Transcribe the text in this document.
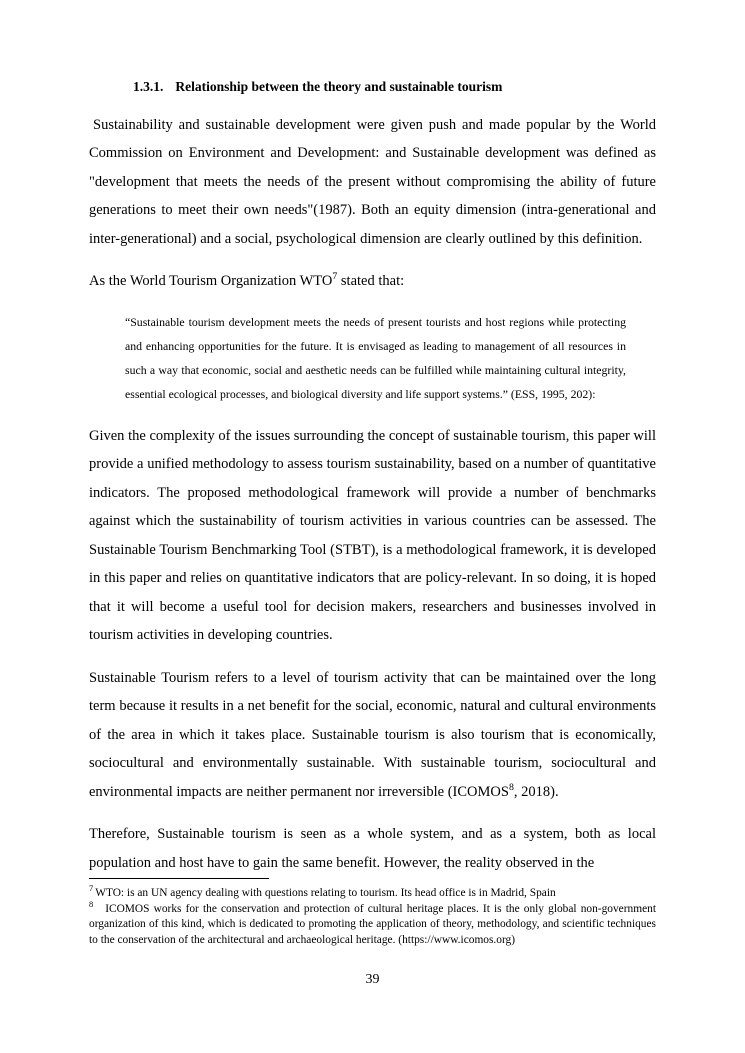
1.3.1. Relationship between the theory and sustainable tourism

Sustainability and sustainable development were given push and made popular by the World Commission on Environment and Development: and Sustainable development was defined as "development that meets the needs of the present without compromising the ability of future generations to meet their own needs"(1987). Both an equity dimension (intra-generational and inter-generational) and a social, psychological dimension are clearly outlined by this definition.

As the World Tourism Organization WTO$^7$ stated that:

“Sustainable tourism development meets the needs of present tourists and host regions while protecting and enhancing opportunities for the future. It is envisaged as leading to management of all resources in such a way that economic, social and aesthetic needs can be fulfilled while maintaining cultural integrity, essential ecological processes, and biological diversity and life support systems.” (ESS, 1995, 202):

Given the complexity of the issues surrounding the concept of sustainable tourism, this paper will provide a unified methodology to assess tourism sustainability, based on a number of quantitative indicators. The proposed methodological framework will provide a number of benchmarks against which the sustainability of tourism activities in various countries can be assessed. The Sustainable Tourism Benchmarking Tool (STBT), is a methodological framework, it is developed in this paper and relies on quantitative indicators that are policy-relevant. In so doing, it is hoped that it will become a useful tool for decision makers, researchers and businesses involved in tourism activities in developing countries.

Sustainable Tourism refers to a level of tourism activity that can be maintained over the long term because it results in a net benefit for the social, economic, natural and cultural environments of the area in which it takes place. Sustainable tourism is also tourism that is economically, sociocultural and environmentally sustainable. With sustainable tourism, sociocultural and environmental impacts are neither permanent nor irreversible (ICOMOS$^8$, 2018).

Therefore, Sustainable tourism is seen as a whole system, and as a system, both as local population and host have to gain the same benefit. However, the reality observed in the

$^7$ WTO: is an UN agency dealing with questions relating to tourism. Its head office is in Madrid, Spain

$^8$ ICOMOS works for the conservation and protection of cultural heritage places. It is the only global non-government organization of this kind, which is dedicated to promoting the application of theory, methodology, and scientific techniques to the conservation of the architectural and archaeological heritage. (https://www.icomos.org)

39
